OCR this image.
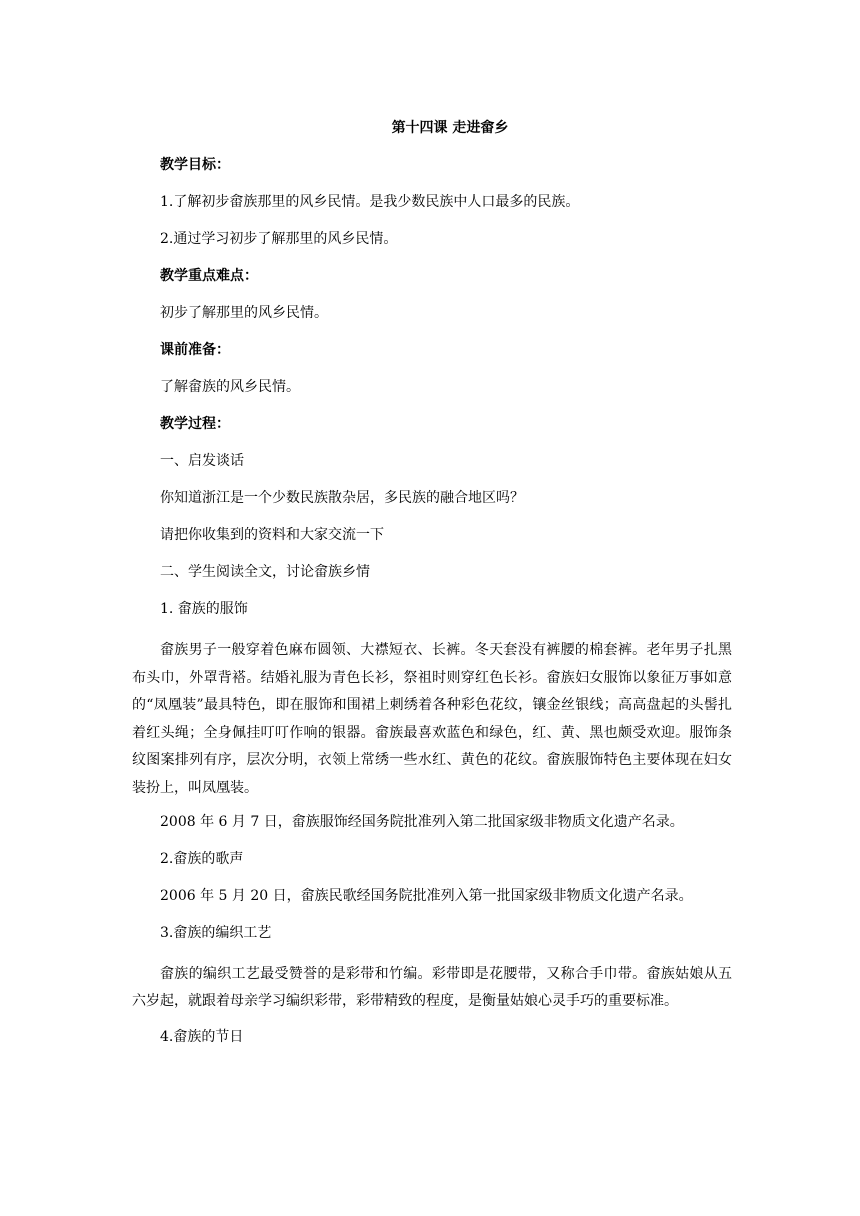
第十四课 走进畲乡
教学目标：
1.了解初步畲族那里的风乡民情。是我少数民族中人口最多的民族。
2.通过学习初步了解那里的风乡民情。
教学重点难点：
初步了解那里的风乡民情。
课前准备：
了解畲族的风乡民情。
教学过程：
一、启发谈话
你知道浙江是一个少数民族散杂居，多民族的融合地区吗？
请把你收集到的资料和大家交流一下
二、学生阅读全文，讨论畲族乡情
1. 畲族的服饰
畲族男子一般穿着色麻布圆领、大襟短衣、长裤。冬天套没有裤腰的棉套裤。老年男子扎黑布头巾，外罩背褡。结婚礼服为青色长衫，祭祖时则穿红色长衫。畲族妇女服饰以象征万事如意的“凤凰装”最具特色，即在服饰和围裙上刺绣着各种彩色花纹，镶金丝银线；高高盘起的头髻扎着红头绳；全身佩挂叮叮作响的银器。畲族最喜欢蓝色和绿色，红、黄、黑也颇受欢迎。服饰条纹图案排列有序，层次分明，衣领上常绣一些水红、黄色的花纹。畲族服饰特色主要体现在妇女装扮上，叫凤凰装。
2008 年 6 月 7 日，畲族服饰经国务院批准列入第二批国家级非物质文化遗产名录。
2.畲族的歌声
2006 年 5 月 20 日，畲族民歌经国务院批准列入第一批国家级非物质文化遗产名录。
3.畲族的编织工艺
畲族的编织工艺最受赞誉的是彩带和竹编。彩带即是花腰带，又称合手巾带。畲族姑娘从五六岁起，就跟着母亲学习编织彩带，彩带精致的程度，是衡量姑娘心灵手巧的重要标准。
4.畲族的节日
